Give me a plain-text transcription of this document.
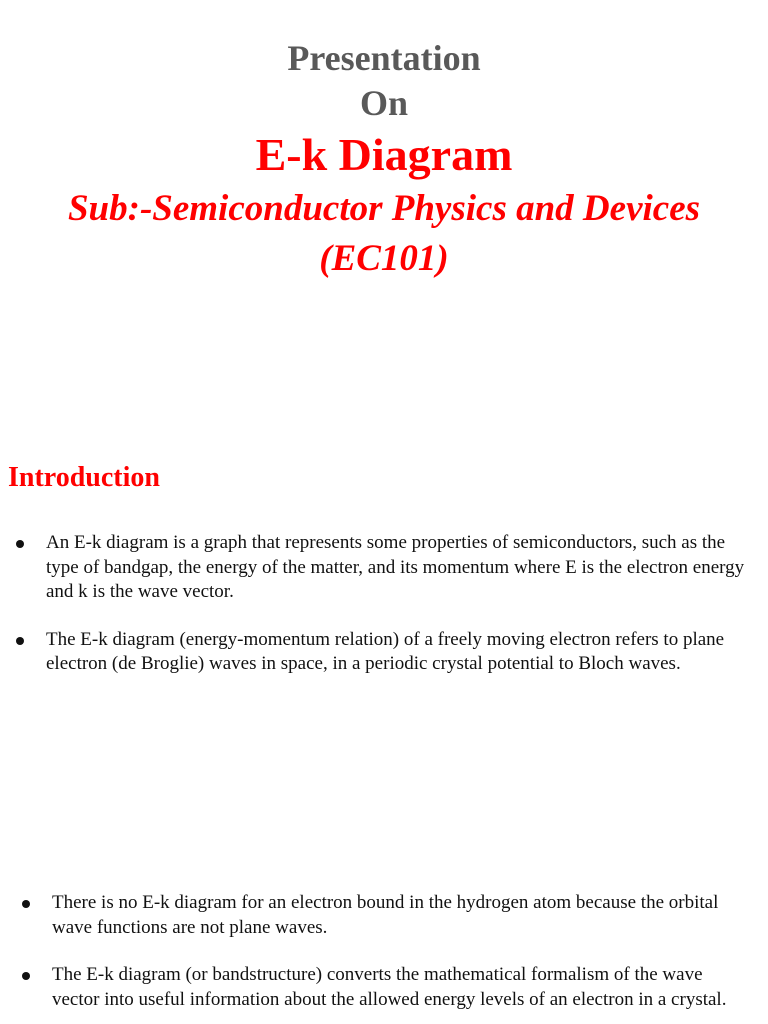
Presentation

On

E-k Diagram

Sub:-Semiconductor Physics and Devices

(EC101)

Introduction
An E-k diagram is a graph that represents some properties of semiconductors, such as the type of bandgap, the energy of the matter, and its momentum where E is the electron energy and k is the wave vector.
The E-k diagram (energy-momentum relation) of a freely moving electron refers to plane electron (de Broglie) waves in space, in a periodic crystal potential to Bloch waves.
There is no E-k diagram for an electron bound in the hydrogen atom because the orbital wave functions are not plane waves.
The E-k diagram (or bandstructure) converts the mathematical formalism of the wave vector into useful information about the allowed energy levels of an electron in a crystal.
